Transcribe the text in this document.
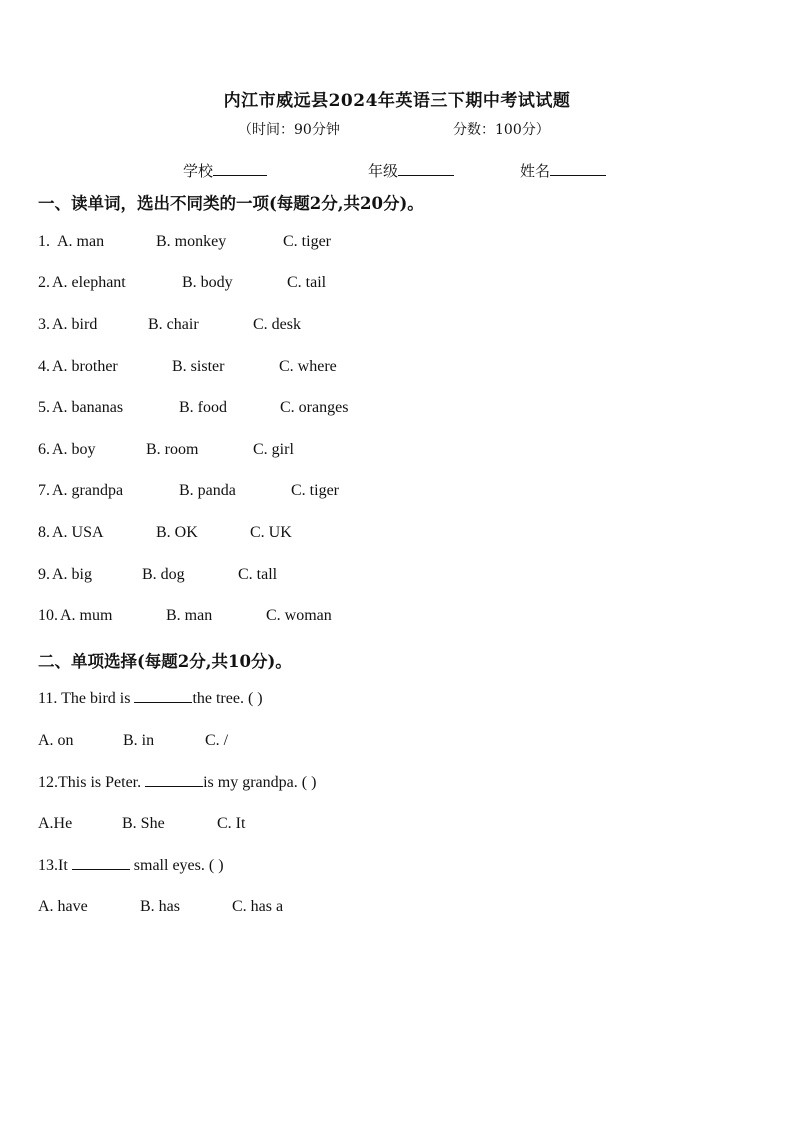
内江市威远县2024年英语三下期中考试试题
（时间：90分钟	分数：100分）
学校	年级	姓名
一、读单词，选出不同类的一项(每题2分,共20分)。
1. A. man	B. monkey	C. tiger
2. A. elephant	B. body	C. tail
3. A. bird	B. chair	C. desk
4. A. brother	B. sister	C. where
5. A. bananas	B. food	C. oranges
6. A. boy	B. room	C. girl
7. A. grandpa	B. panda	C. tiger
8. A. USA	B. OK	C. UK
9. A. big	B. dog	C. tall
10. A. mum	B. man	C. woman
二、单项选择(每题2分,共10分)。
11. The bird is	the tree. ( )
A. on	B. in	C. /
12.This is Peter.	is my grandpa. ( )
A.He	B. She	C. It
13.It	small eyes. ( )
A. have	B. has	C. has a
